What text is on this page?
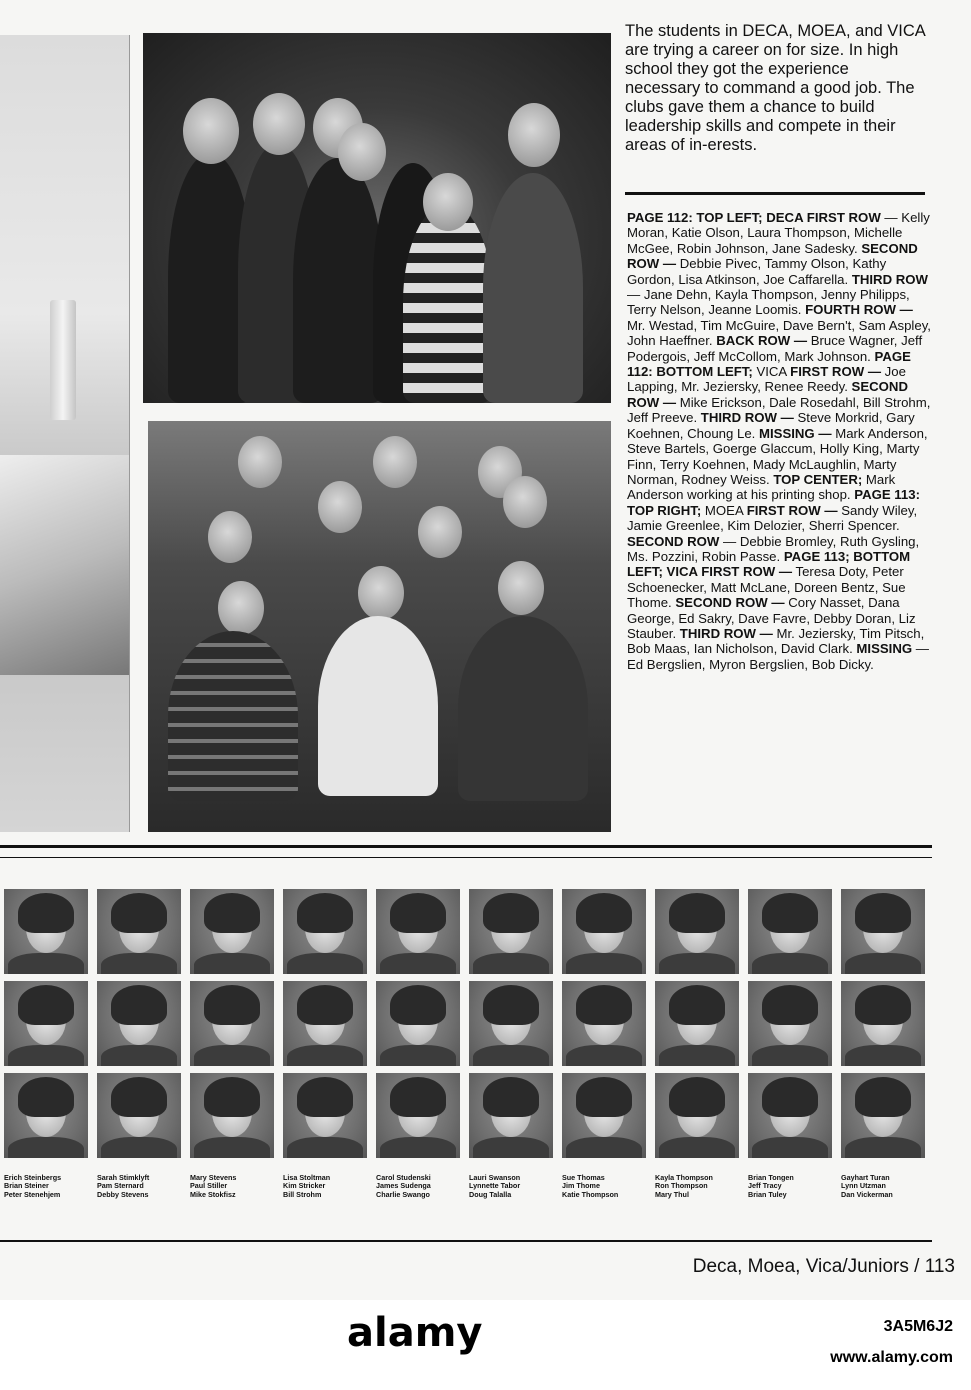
The students in DECA, MOEA, and VICA are trying a career on for size. In high school they got the experience necessary to command a good job. The clubs gave them a chance to build leadership skills and compete in their areas of in-erests.
PAGE 112: TOP LEFT; DECA FIRST ROW — Kelly Moran, Katie Olson, Laura Thompson, Michelle McGee, Robin Johnson, Jane Sadesky. SECOND ROW — Debbie Pivec, Tammy Olson, Kathy Gordon, Lisa Atkinson, Joe Caffarella. THIRD ROW — Jane Dehn, Kayla Thompson, Jenny Philipps, Terry Nelson, Jeanne Loomis. FOURTH ROW — Mr. Westad, Tim McGuire, Dave Bern't, Sam Aspley, John Haeffner. BACK ROW — Bruce Wagner, Jeff Podergois, Jeff McCollom, Mark Johnson. PAGE 112: BOTTOM LEFT; VICA FIRST ROW — Joe Lapping, Mr. Jeziersky, Renee Reedy. SECOND ROW — Mike Erickson, Dale Rosedahl, Bill Strohm, Jeff Preeve. THIRD ROW — Steve Morkrid, Gary Koehnen, Choung Le. MISSING — Mark Anderson, Steve Bartels, Goerge Glaccum, Holly King, Marty Finn, Terry Koehnen, Mady McLaughlin, Marty Norman, Rodney Weiss. TOP CENTER; Mark Anderson working at his printing shop. PAGE 113: TOP RIGHT; MOEA FIRST ROW — Sandy Wiley, Jamie Greenlee, Kim Delozier, Sherri Spencer. SECOND ROW — Debbie Bromley, Ruth Gysling, Ms. Pozzini, Robin Passe. PAGE 113; BOTTOM LEFT; VICA FIRST ROW — Teresa Doty, Peter Schoenecker, Matt McLane, Doreen Bentz, Sue Thome. SECOND ROW — Cory Nasset, Dana George, Ed Sakry, Dave Favre, Debby Doran, Liz Stauber. THIRD ROW — Mr. Jeziersky, Tim Pitsch, Bob Maas, Ian Nicholson, David Clark. MISSING — Ed Bergslien, Myron Bergslien, Bob Dicky.
Erich Steinbergs
Brian Steiner
Peter Stenehjem
Sarah Stimklyft
Pam Sternard
Debby Stevens
Mary Stevens
Paul Stiller
Mike Stokfisz
Lisa Stoltman
Kim Stricker
Bill Strohm
Carol Studenski
James Sudenga
Charlie Swango
Lauri Swanson
Lynnette Tabor
Doug Talalla
Sue Thomas
Jim Thome
Katie Thompson
Kayla Thompson
Ron Thompson
Mary Thul
Brian Tongen
Jeff Tracy
Brian Tuley
Gayhart Turan
Lynn Utzman
Dan Vickerman
Deca, Moea, Vica/Juniors / 113
alamy	3A5M6J2
www.alamy.com
